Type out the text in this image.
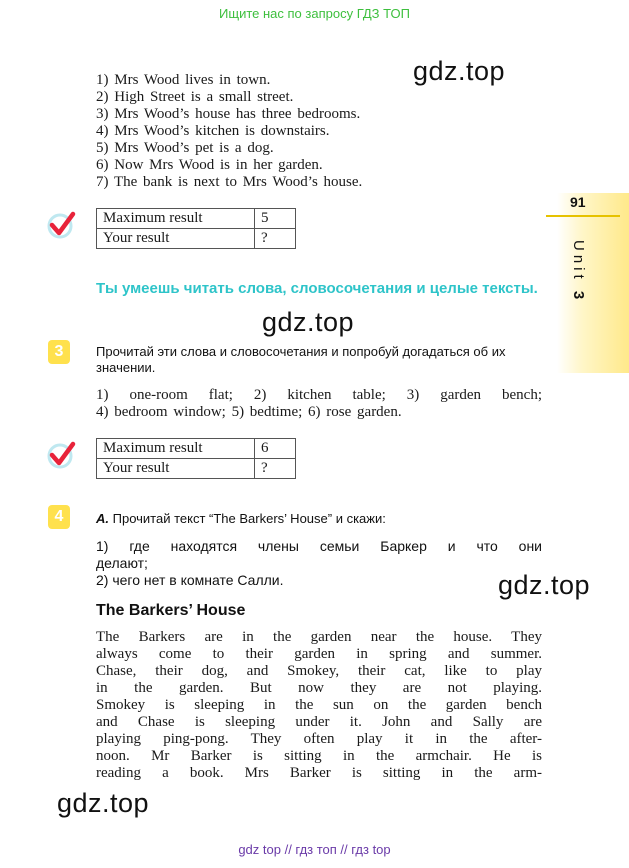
Ищите нас по запросу ГДЗ ТОП
gdz.top
1) Mrs Wood lives in town.
2) High Street is a small street.
3) Mrs Wood’s house has three bedrooms.
4) Mrs Wood’s kitchen is downstairs.
5) Mrs Wood’s pet is a dog.
6) Now Mrs Wood is in her garden.
7) The bank is next to Mrs Wood’s house.
91
Unit 3
Maximum result	5
Your result	?
Ты умеешь читать слова, словосочетания и целые тексты.
gdz.top
3	Прочитай эти слова и словосочетания и попробуй догадаться об их значении.
1) one-room flat; 2) kitchen table; 3) garden bench;
4) bedroom window; 5) bedtime; 6) rose garden.
Maximum result	6
Your result	?
4	A. Прочитай текст “The Barkers’ House” и скажи:
1) где находятся члены семьи Баркер и что они
делают;
2) чего нет в комнате Салли.	gdz.top
The Barkers’ House
The Barkers are in the garden near the house. They
always come to their garden in spring and summer.
Chase, their dog, and Smokey, their cat, like to play
in the garden. But now they are not playing.
Smokey is sleeping in the sun on the garden bench
and Chase is sleeping under it. John and Sally are
playing ping-pong. They often play it in the after-
noon. Mr Barker is sitting in the armchair. He is
reading a book. Mrs Barker is sitting in the arm-
gdz.top
gdz top // гдз топ // гдз top
